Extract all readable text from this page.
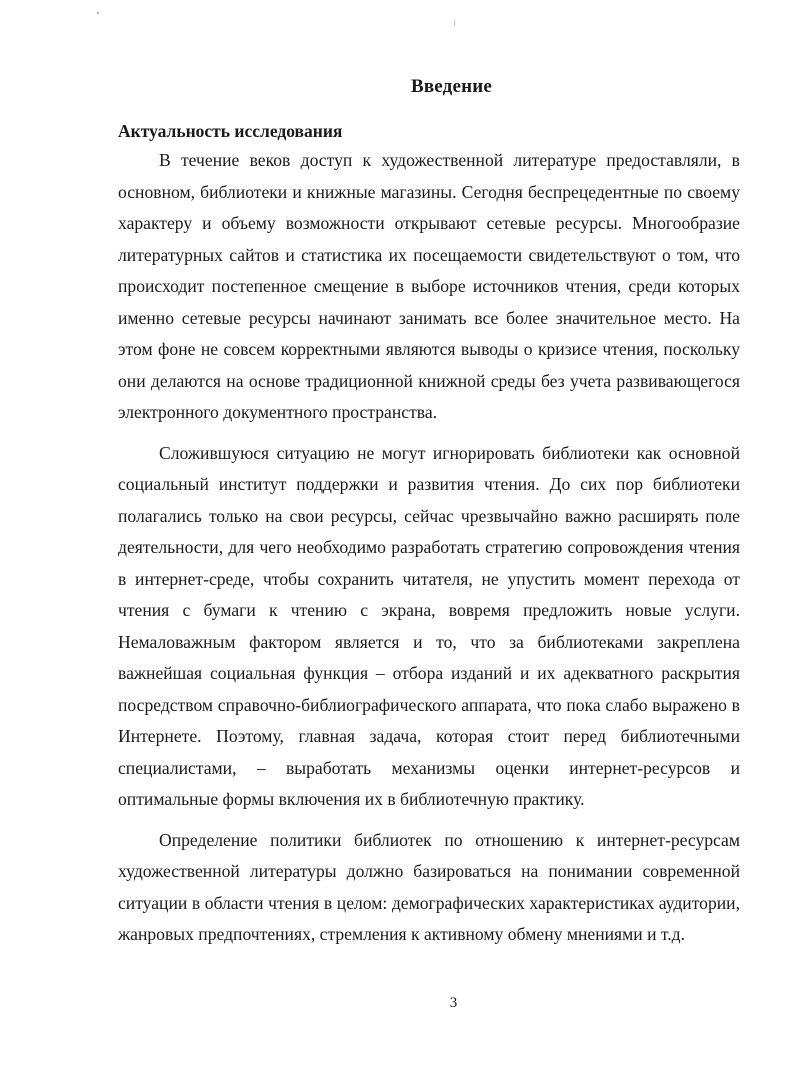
Введение
Актуальность исследования

В течение веков доступ к художественной литературе предоставляли, в основном, библиотеки и книжные магазины. Сегодня беспрецедентные по своему характеру и объему возможности открывают сетевые ресурсы. Многообразие литературных сайтов и статистика их посещаемости свидетельствуют о том, что происходит постепенное смещение в выборе источников чтения, среди которых именно сетевые ресурсы начинают занимать все более значительное место. На этом фоне не совсем корректными являются выводы о кризисе чтения, поскольку они делаются на основе традиционной книжной среды без учета развивающегося электронного документного пространства.

Сложившуюся ситуацию не могут игнорировать библиотеки как основной социальный институт поддержки и развития чтения. До сих пор библиотеки полагались только на свои ресурсы, сейчас чрезвычайно важно расширять поле деятельности, для чего необходимо разработать стратегию сопровождения чтения в интернет-среде, чтобы сохранить читателя, не упустить момент перехода от чтения с бумаги к чтению с экрана, вовремя предложить новые услуги. Немаловажным фактором является и то, что за библиотеками закреплена важнейшая социальная функция – отбора изданий и их адекватного раскрытия посредством справочно-библиографического аппарата, что пока слабо выражено в Интернете. Поэтому, главная задача, которая стоит перед библиотечными специалистами, – выработать механизмы оценки интернет-ресурсов и оптимальные формы включения их в библиотечную практику.

Определение политики библиотек по отношению к интернет-ресурсам художественной литературы должно базироваться на понимании современной ситуации в области чтения в целом: демографических характеристиках аудитории, жанровых предпочтениях, стремления к активному обмену мнениями и т.д.

3
